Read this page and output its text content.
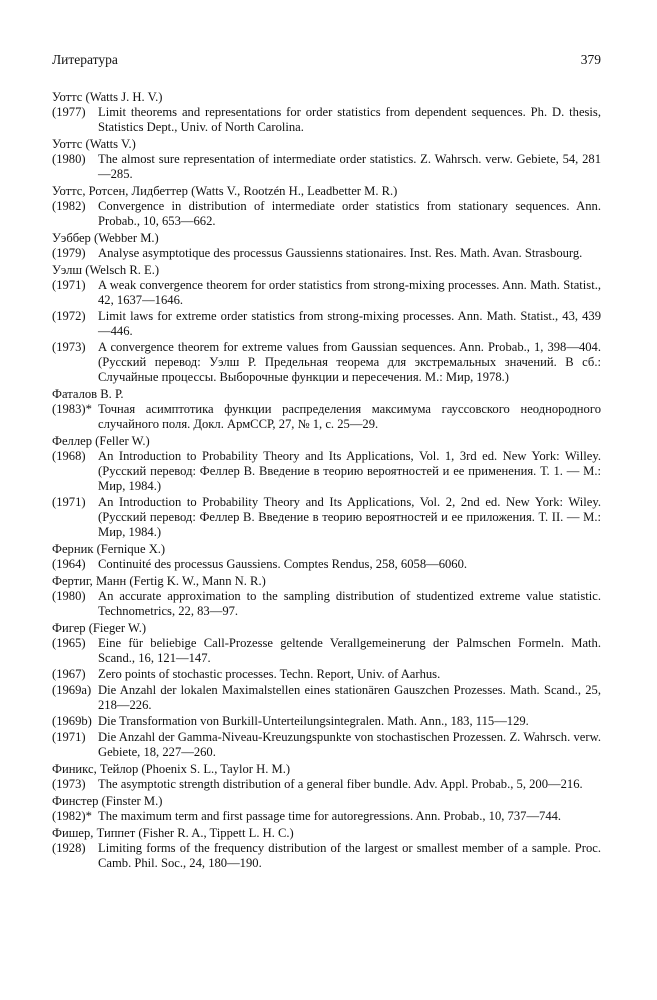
Литература	379
Уоттс (Watts J. H. V.)
(1977) Limit theorems and representations for order statistics from dependent sequences. Ph. D. thesis, Statistics Dept., Univ. of North Carolina.
Уоттс (Watts V.)
(1980) The almost sure representation of intermediate order statistics. Z. Wahrsch. verw. Gebiete, 54, 281—285.
Уоттс, Ротсен, Лидбеттер (Watts V., Rootzén H., Leadbetter M. R.)
(1982) Convergence in distribution of intermediate order statistics from stationary sequences. Ann. Probab., 10, 653—662.
Уэббер (Webber M.)
(1979) Analyse asymptotique des processus Gaussienns stationaires. Inst. Res. Math. Avan. Strasbourg.
Уэлш (Welsch R. E.)
(1971) A weak convergence theorem for order statistics from strong-mixing processes. Ann. Math. Statist., 42, 1637—1646.
(1972) Limit laws for extreme order statistics from strong-mixing processes. Ann. Math. Statist., 43, 439—446.
(1973) A convergence theorem for extreme values from Gaussian sequences. Ann. Probab., 1, 398—404. (Русский перевод: Уэлш Р. Предельная теорема для экстремальных значений. В сб.: Случайные процессы. Выборочные функции и пересечения. М.: Мир, 1978.)
Фаталов В. Р.
(1983)* Точная асимптотика функции распределения максимума гауссовского неоднородного случайного поля. Докл. АрмССР, 27, № 1, с. 25—29.
Феллер (Feller W.)
(1968) An Introduction to Probability Theory and Its Applications, Vol. 1, 3rd ed. New York: Willey. (Русский перевод: Феллер В. Введение в теорию вероятностей и ее применения. Т. 1. — М.: Мир, 1984.)
(1971) An Introduction to Probability Theory and Its Applications, Vol. 2, 2nd ed. New York: Wiley. (Русский перевод: Феллер В. Введение в теорию вероятностей и ее приложения. Т. II. — М.: Мир, 1984.)
Ферник (Fernique X.)
(1964) Continuité des processus Gaussiens. Comptes Rendus, 258, 6058—6060.
Фертиг, Манн (Fertig K. W., Mann N. R.)
(1980) An accurate approximation to the sampling distribution of studentized extreme value statistic. Technometrics, 22, 83—97.
Фигер (Fieger W.)
(1965) Eine für beliebige Call-Prozesse geltende Verallgemeinerung der Palmschen Formeln. Math. Scand., 16, 121—147.
(1967) Zero points of stochastic processes. Techn. Report, Univ. of Aarhus.
(1969a) Die Anzahl der lokalen Maximalstellen eines stationären Gauszchen Prozesses. Math. Scand., 25, 218—226.
(1969b) Die Transformation von Burkill-Unterteilungsintegralen. Math. Ann., 183, 115—129.
(1971) Die Anzahl der Gamma-Niveau-Kreuzungspunkte von stochastischen Prozessen. Z. Wahrsch. verw. Gebiete, 18, 227—260.
Финикс, Тейлор (Phoenix S. L., Taylor H. M.)
(1973) The asymptotic strength distribution of a general fiber bundle. Adv. Appl. Probab., 5, 200—216.
Финстер (Finster M.)
(1982)* The maximum term and first passage time for autoregressions. Ann. Probab., 10, 737—744.
Фишер, Типпет (Fisher R. A., Tippett L. H. C.)
(1928) Limiting forms of the frequency distribution of the largest or smallest member of a sample. Proc. Camb. Phil. Soc., 24, 180—190.
